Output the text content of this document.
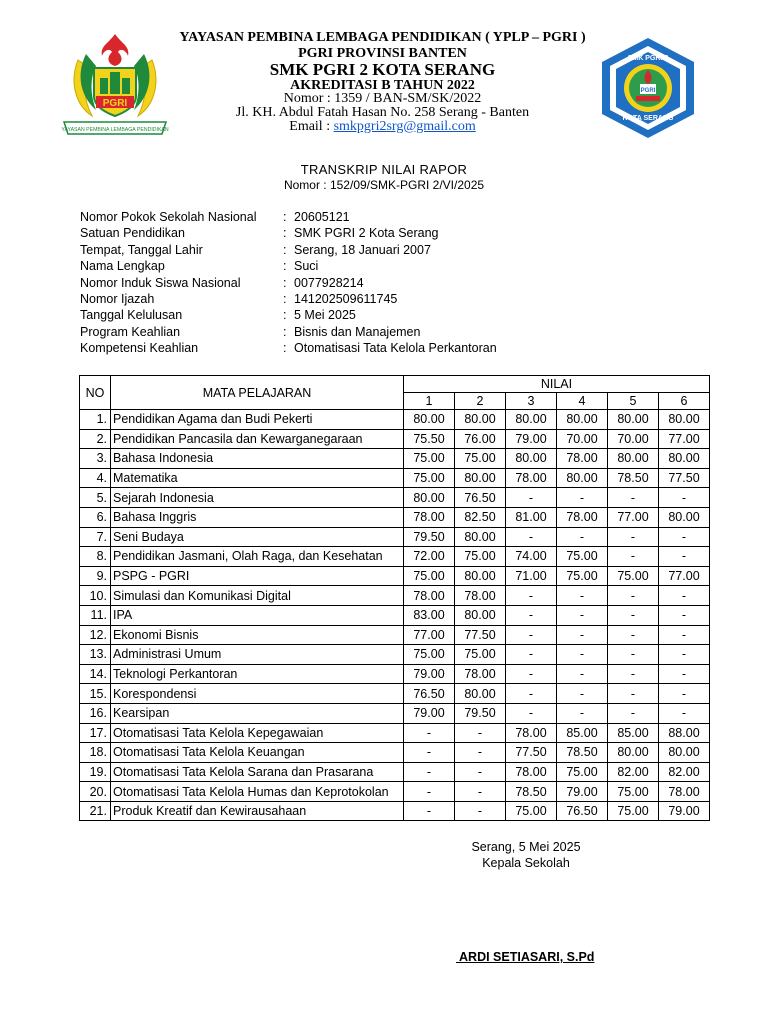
PGRI
YAYASAN PEMBINA LEMBAGA PENDIDIKAN
PGRI
SMK PGRI 2
KOTA SERANG
YAYASAN PEMBINA LEMBAGA PENDIDIKAN ( YPLP – PGRI )
PGRI PROVINSI BANTEN
SMK PGRI 2 KOTA SERANG
AKREDITASI B TAHUN 2022
Nomor : 1359 / BAN-SM/SK/2022
Jl. KH. Abdul Fatah Hasan No. 258 Serang - Banten
Email : smkpgri2srg@gmail.com
TRANSKRIP NILAI RAPOR
Nomor : 152/09/SMK-PGRI 2/VI/2025
Nomor Pokok Sekolah Nasional : 20605121
Satuan Pendidikan	: SMK PGRI 2 Kota Serang
Tempat, Tanggal Lahir	: Serang, 18 Januari 2007
Nama Lengkap	: Suci
Nomor Induk Siswa Nasional	: 0077928214
Nomor Ijazah	: 141202509611745
Tanggal Kelulusan	: 5 Mei 2025
Program Keahlian	: Bisnis dan Manajemen
Kompetensi Keahlian	: Otomatisasi Tata Kelola Perkantoran
NO	MATA PELAJARAN	NILAI					
		1	2	3	4	5	6
1.	Pendidikan Agama dan Budi Pekerti	80.00	80.00	80.00	80.00	80.00	80.00
2.	Pendidikan Pancasila dan Kewarganegaraan	75.50	76.00	79.00	70.00	70.00	77.00
3.	Bahasa Indonesia	75.00	75.00	80.00	78.00	80.00	80.00
4.	Matematika	75.00	80.00	78.00	80.00	78.50	77.50
5.	Sejarah Indonesia	80.00	76.50	-	-	-	-
6.	Bahasa Inggris	78.00	82.50	81.00	78.00	77.00	80.00
7.	Seni Budaya	79.50	80.00	-	-	-	-
8.	Pendidikan Jasmani, Olah Raga, dan Kesehatan	72.00	75.00	74.00	75.00	-	-
9.	PSPG - PGRI	75.00	80.00	71.00	75.00	75.00	77.00
10.	Simulasi dan Komunikasi Digital	78.00	78.00	-	-	-	-
11.	IPA	83.00	80.00	-	-	-	-
12.	Ekonomi Bisnis	77.00	77.50	-	-	-	-
13.	Administrasi Umum	75.00	75.00	-	-	-	-
14.	Teknologi Perkantoran	79.00	78.00	-	-	-	-
15.	Korespondensi	76.50	80.00	-	-	-	-
16.	Kearsipan	79.00	79.50	-	-	-	-
17.	Otomatisasi Tata Kelola Kepegawaian	-	-	78.00	85.00	85.00	88.00
18.	Otomatisasi Tata Kelola Keuangan	-	-	77.50	78.50	80.00	80.00
19.	Otomatisasi Tata Kelola Sarana dan Prasarana	-	-	78.00	75.00	82.00	82.00
20.	Otomatisasi Tata Kelola Humas dan Keprotokolan	-	-	78.50	79.00	75.00	78.00
21.	Produk Kreatif dan Kewirausahaan	-	-	75.00	76.50	75.00	79.00
Serang, 5 Mei 2025
Kepala Sekolah
ARDI SETIASARI, S.Pd
